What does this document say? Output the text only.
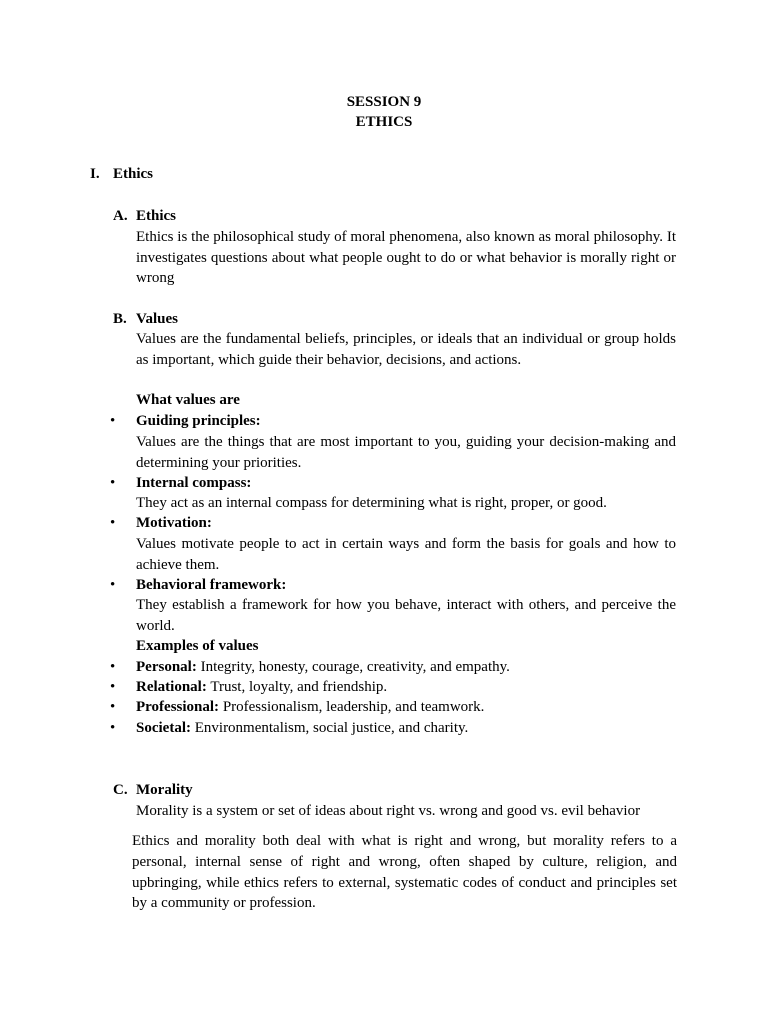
SESSION 9
ETHICS
I. Ethics
A. Ethics
Ethics is the philosophical study of moral phenomena, also known as moral philosophy. It investigates questions about what people ought to do or what behavior is morally right or wrong
B. Values
Values are the fundamental beliefs, principles, or ideals that an individual or group holds as important, which guide their behavior, decisions, and actions.
What values are
• Guiding principles:
Values are the things that are most important to you, guiding your decision-making and determining your priorities.
• Internal compass:
They act as an internal compass for determining what is right, proper, or good.
• Motivation:
Values motivate people to act in certain ways and form the basis for goals and how to achieve them.
• Behavioral framework:
They establish a framework for how you behave, interact with others, and perceive the world.
Examples of values
• Personal: Integrity, honesty, courage, creativity, and empathy.
• Relational: Trust, loyalty, and friendship.
• Professional: Professionalism, leadership, and teamwork.
• Societal: Environmentalism, social justice, and charity.
C. Morality
Morality is a system or set of ideas about right vs. wrong and good vs. evil behavior
Ethics and morality both deal with what is right and wrong, but morality refers to a personal, internal sense of right and wrong, often shaped by culture, religion, and upbringing, while ethics refers to external, systematic codes of conduct and principles set by a community or profession.
